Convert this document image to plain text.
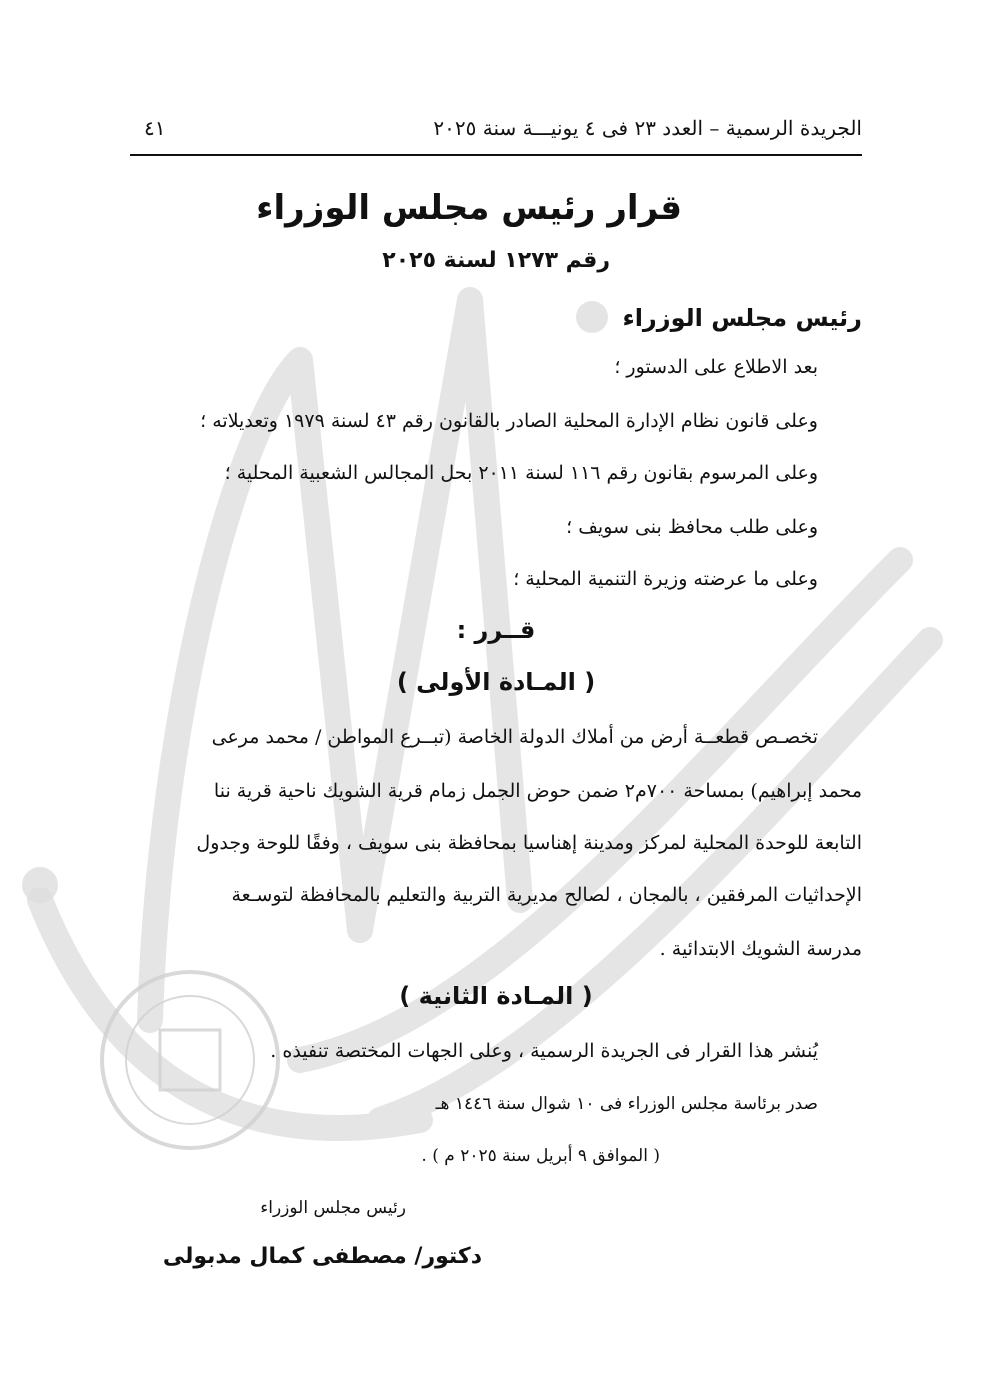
الجريدة الرسمية – العدد ٢٣ فى ٤ يونيـــة سنة ٢٠٢٥
٤١
قرار رئيس مجلس الوزراء
رقم ١٢٧٣ لسنة ٢٠٢٥
رئيس مجلس الوزراء
بعد الاطلاع على الدستور ؛
وعلى قانون نظام الإدارة المحلية الصادر بالقانون رقم ٤٣ لسنة ١٩٧٩ وتعديلاته ؛
وعلى المرسوم بقانون رقم ١١٦ لسنة ٢٠١١ بحل المجالس الشعبية المحلية ؛
وعلى طلب محافظ بنى سويف ؛
وعلى ما عرضته وزيرة التنمية المحلية ؛
قــرر :
( المـادة الأولى )
تخصـص قطعــة أرض من أملاك الدولة الخاصة (تبــرع المواطن / محمد مرعى
محمد إبراهيم) بمساحة ٧٠٠م٢ ضمن حوض الجمل زمام قرية الشويك ناحية قرية ننا
التابعة للوحدة المحلية لمركز ومدينة إهناسيا بمحافظة بنى سويف ، وفقًا للوحة وجدول
الإحداثيات المرفقين ، بالمجان ، لصالح مديرية التربية والتعليم بالمحافظة لتوسـعة
مدرسة الشويك الابتدائية .
( المـادة الثانية )
يُنشر هذا القرار فى الجريدة الرسمية ، وعلى الجهات المختصة تنفيذه .
صدر برئاسة مجلس الوزراء فى ١٠ شوال سنة ١٤٤٦ هـ
( الموافق ٩ أبريل سنة ٢٠٢٥ م ) .
رئيس مجلس الوزراء
دكتور/ مصطفى كمال مدبولى
